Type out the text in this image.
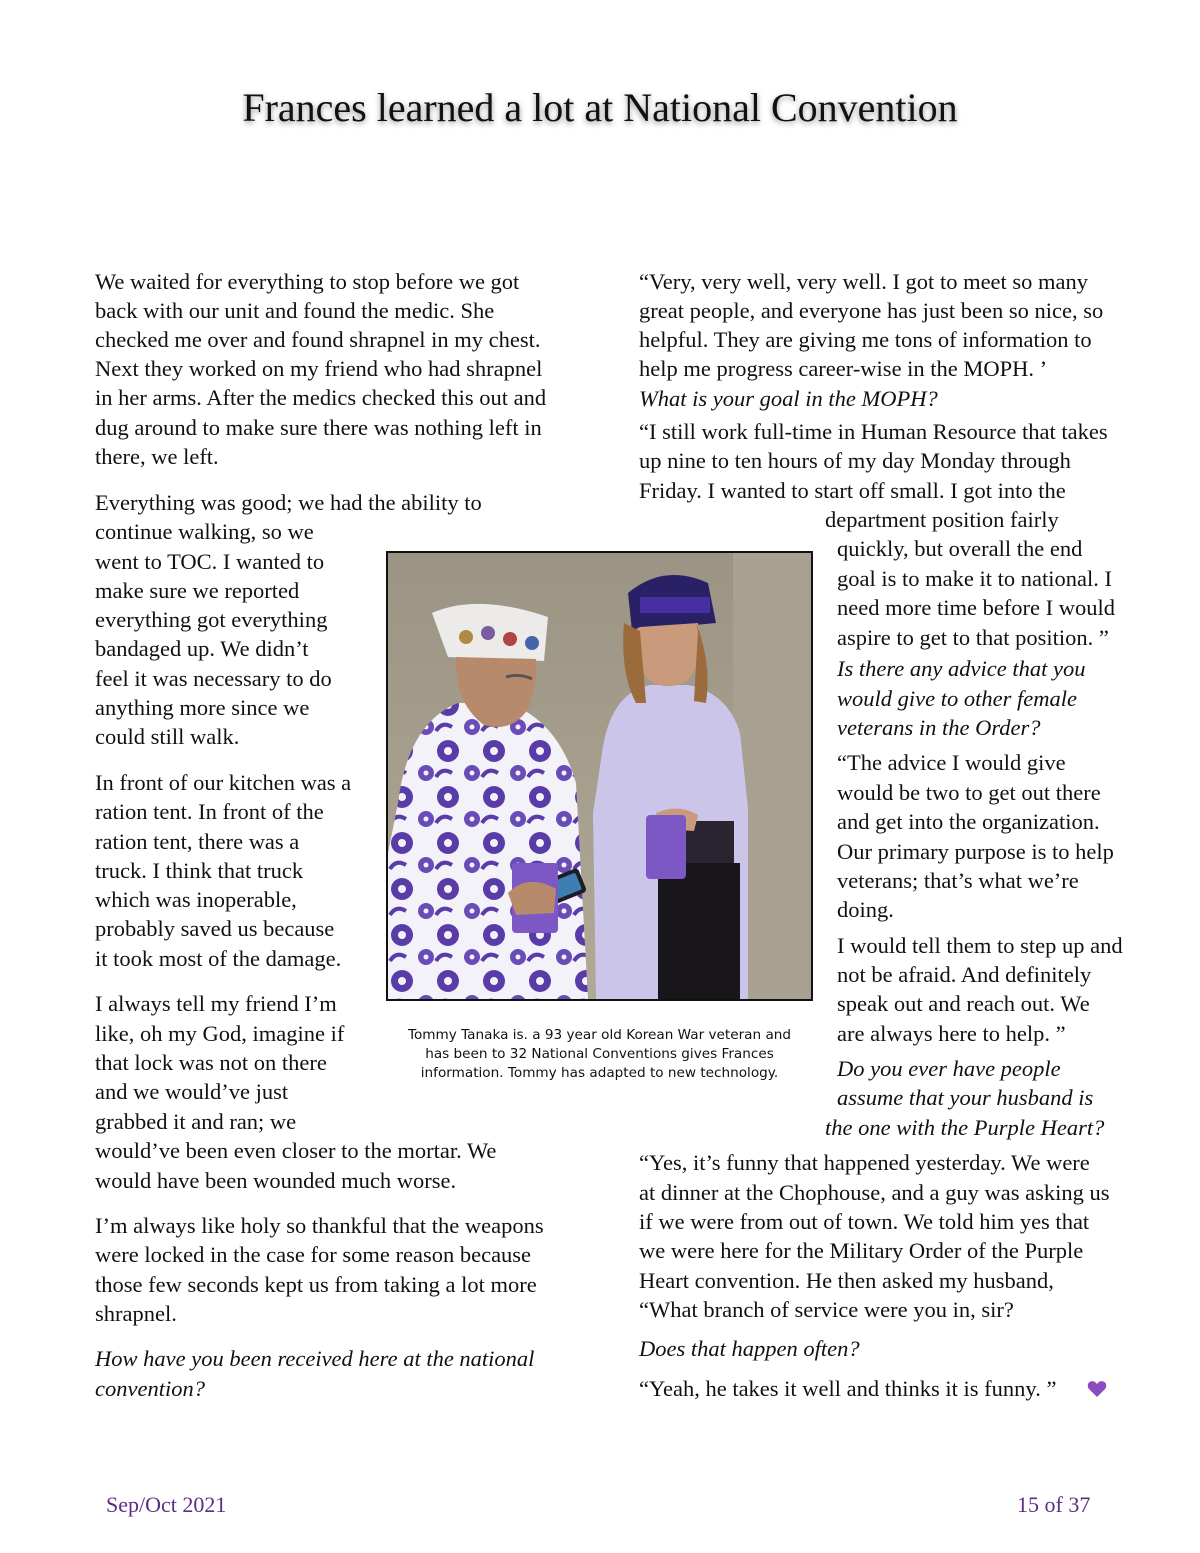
Frances learned a lot at National Convention

We waited for everything to stop before we got

back with our unit and found the medic. She

checked me over and found shrapnel in my chest.

Next they worked on my friend who had shrapnel

in her arms. After the medics checked this out and

dug around to make sure there was nothing left in

there, we left.

Everything was good; we had the ability to

continue walking, so we

went to TOC. I wanted to

make sure we reported

everything got everything

bandaged up. We didn’t

feel it was necessary to do

anything more since we

could still walk.

In front of our kitchen was a

ration tent. In front of the

ration tent, there was a

truck. I think that truck

which was inoperable,

probably saved us because

it took most of the damage.

I always tell my friend I’m

like, oh my God, imagine if

that lock was not on there

and we would’ve just

grabbed it and ran; we

would’ve been even closer to the mortar. We

would have been wounded much worse.

I’m always like holy so thankful that the weapons

were locked in the case for some reason because

those few seconds kept us from taking a lot more

shrapnel.

How have you been received here at the national

convention?

“Very, very well, very well. I got to meet so many

great people, and everyone has just been so nice, so

helpful. They are giving me tons of information to

help me progress career-wise in the MOPH. ’

What is your goal in the MOPH?

“I still work full-time in Human Resource that takes

up nine to ten hours of my day Monday through

Friday. I wanted to start off small. I got into the

department position fairly

quickly, but overall the end

goal is to make it to national. I

need more time before I would

aspire to get to that position. ”

Is there any advice that you

would give to other female

veterans in the Order?

“The advice I would give

would be two to get out there

and get into the organization.

Our primary purpose is to help

veterans; that’s what we’re

doing.

I would tell them to step up and

not be afraid. And definitely

speak out and reach out. We

are always here to help. ”

Do you ever have people

assume that your husband is

the one with the Purple Heart?

“Yes, it’s funny that happened yesterday. We were

at dinner at the Chophouse, and a guy was asking us

if we were from out of town. We told him yes that

we were here for the Military Order of the Purple

Heart convention. He then asked my husband,

“What branch of service were you in, sir?

Does that happen often?

“Yeah, he takes it well and thinks it is funny. ”

Tommy Tanaka is. a 93 year old Korean War veteran and
has been to 32 National Conventions gives Frances
information. Tommy has adapted to new technology.
Sep/Oct 2021	15 of 37
